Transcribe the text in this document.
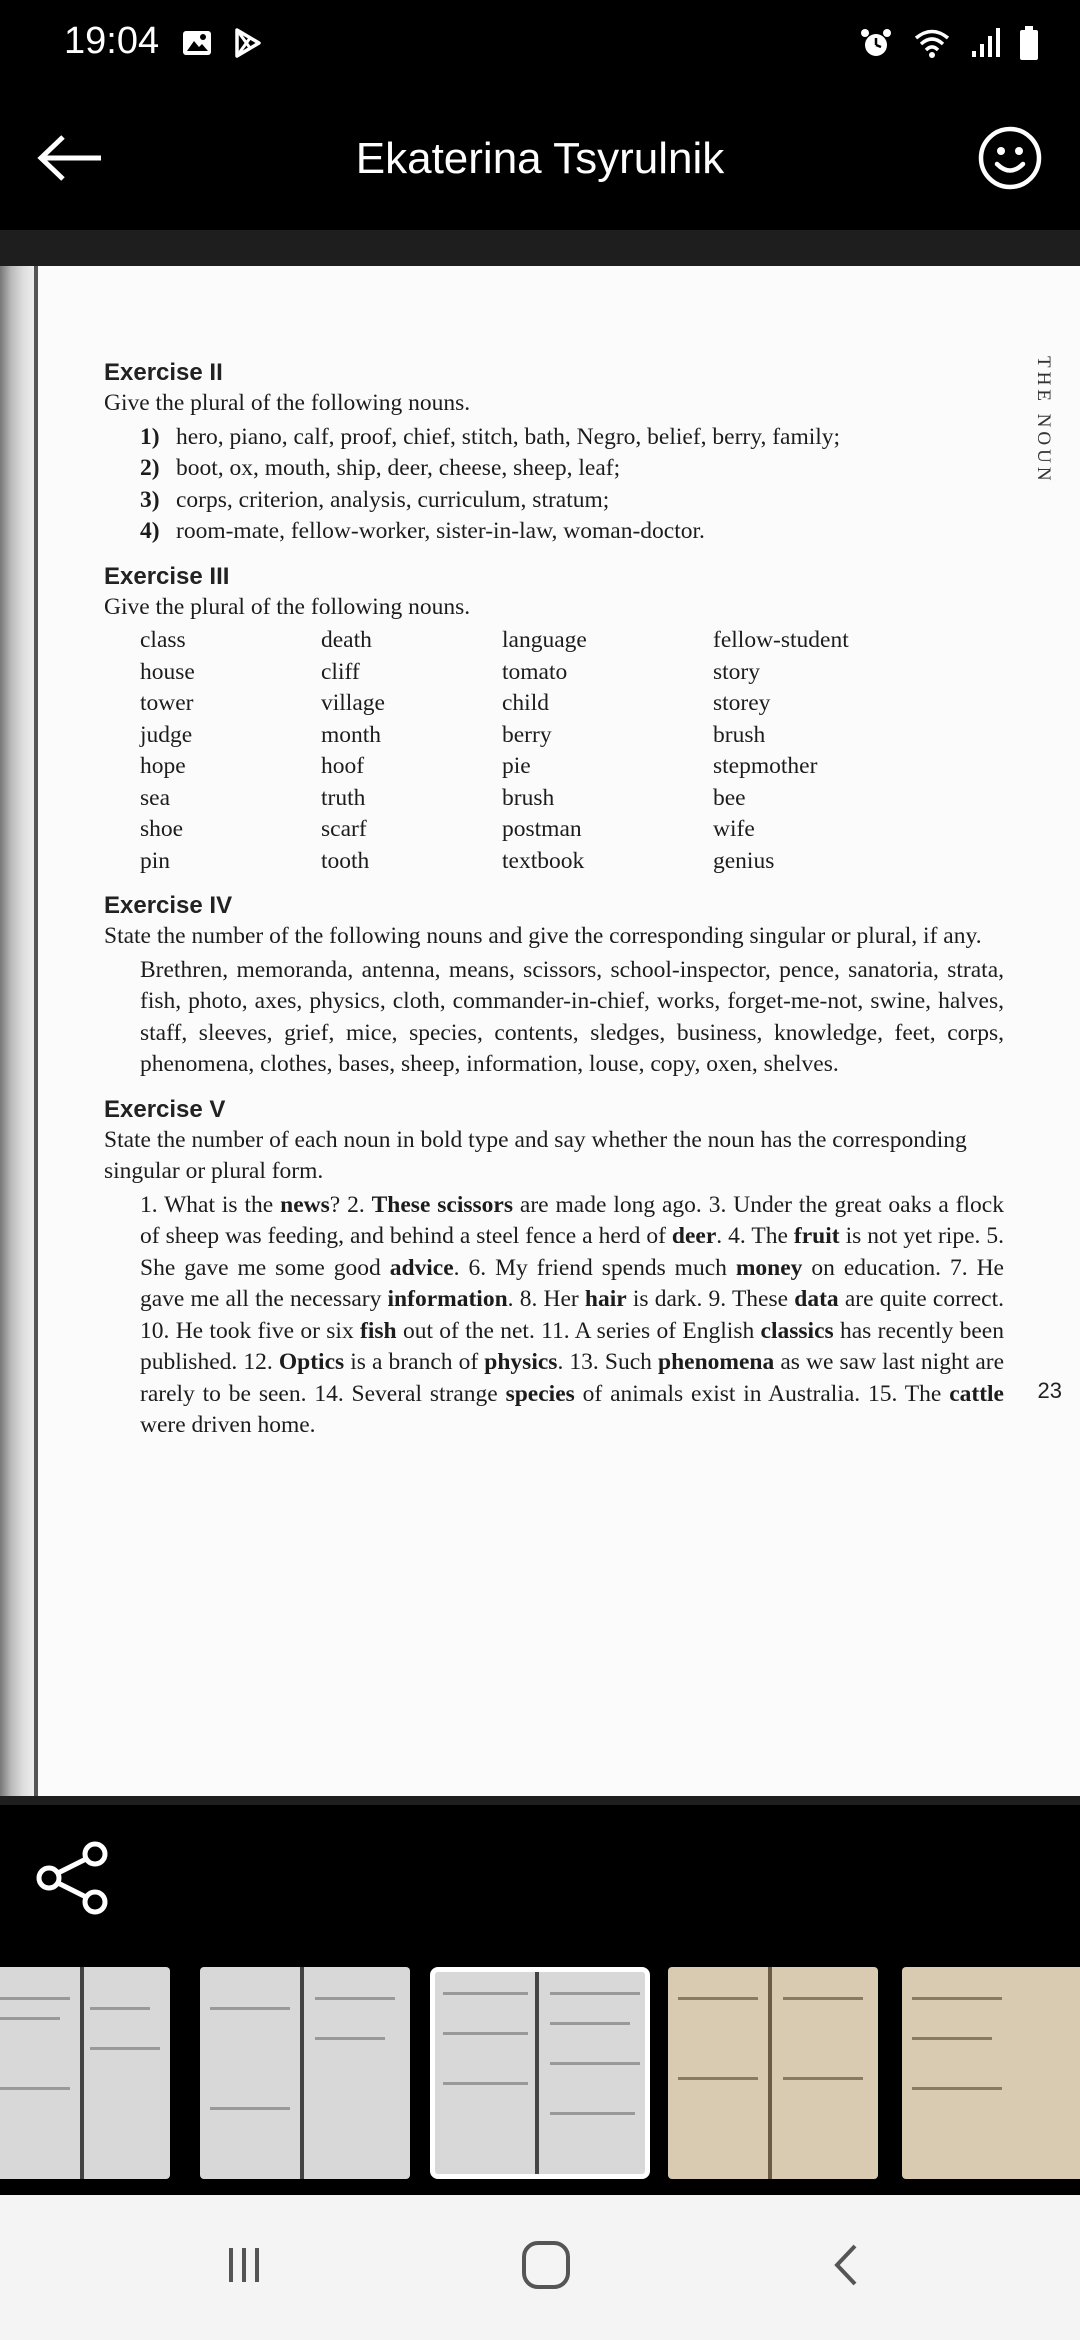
19:04
Ekaterina Tsyrulnik
THE NOUN
Exercise II
Give the plural of the following nouns.
1) hero, piano, calf, proof, chief, stitch, bath, Negro, belief, berry, family;
2) boot, ox, mouth, ship, deer, cheese, sheep, leaf;
3) corps, criterion, analysis, curriculum, stratum;
4) room-mate, fellow-worker, sister-in-law, woman-doctor.
Exercise III
Give the plural of the following nouns.
class	death	language	fellow-student
house	cliff	tomato	story
tower	village	child	storey
judge	month	berry	brush
hope	hoof	pie	stepmother
sea	truth	brush	bee
shoe	scarf	postman	wife
pin	tooth	textbook	genius
Exercise IV
State the number of the following nouns and give the corresponding singular or plural, if any.
Brethren, memoranda, antenna, means, scissors, school-inspector, pence, sanatoria, strata, fish, photo, axes, physics, cloth, commander-in-chief, works, forget-me-not, swine, halves, staff, sleeves, grief, mice, species, contents, sledges, business, knowledge, feet, corps, phenomena, clothes, bases, sheep, information, louse, copy, oxen, shelves.
Exercise V
State the number of each noun in bold type and say whether the noun has the corresponding singular or plural form.
1. What is the news? 2. These scissors are made long ago. 3. Under the great oaks a flock of sheep was feeding, and behind a steel fence a herd of deer. 4. The fruit is not yet ripe. 5. She gave me some good advice. 6. My friend spends much money on education. 7. He gave me all the necessary information. 8. Her hair is dark. 9. These data are quite correct. 10. He took five or six fish out of the net. 11. A series of English classics has recently been published. 12. Optics is a branch of physics. 13. Such phenomena as we saw last night are rarely to be seen. 14. Several strange species of animals exist in Australia. 15. The cattle were driven home.
23
